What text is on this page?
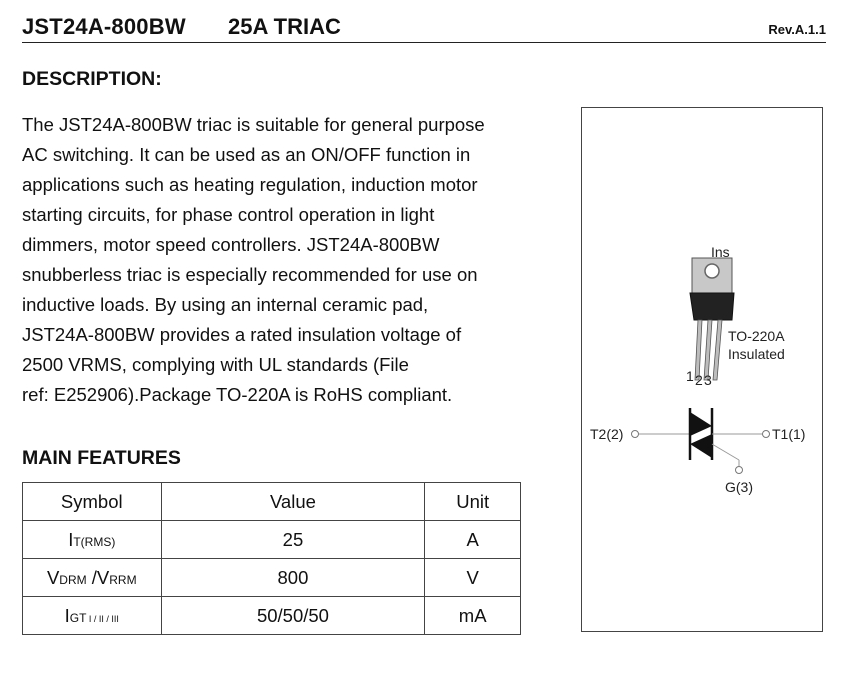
JST24A-800BW 25A TRIAC	Rev.A.1.1
DESCRIPTION:
The JST24A-800BW triac is suitable for general purpose
AC switching. It can be used as an ON/OFF function in
applications such as heating regulation, induction motor
starting circuits, for phase control operation in light
dimmers, motor speed controllers. JST24A-800BW
snubberless triac is especially recommended for use on
inductive loads. By using an internal ceramic pad,
JST24A-800BW provides a rated insulation voltage of
2500 VRMS, complying with UL standards (File
ref: E252906).Package TO-220A is RoHS compliant.
MAIN FEATURES
Symbol	Value	Unit
IT(RMS)	25	A
VDRM /VRRM	800	V
IGT I / II / III	50/50/50	mA
Ins
TO-220A
Insulated
1 2 3
T2(2)	T1(1)
G(3)
